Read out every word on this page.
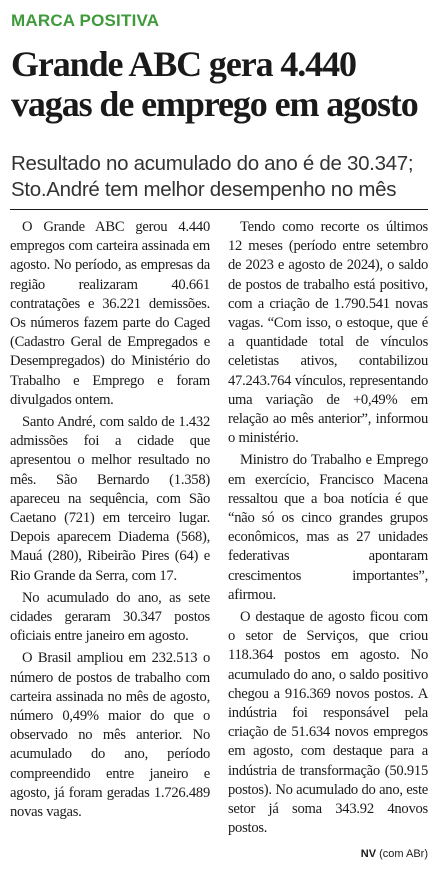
MARCA POSITIVA
Grande ABC gera 4.440 vagas de emprego em agosto
Resultado no acumulado do ano é de 30.347; Sto.André tem melhor desempenho no mês

O Grande ABC gerou 4.440 empregos com carteira assinada em agosto. No período, as empresas da região realizaram 40.661 contratações e 36.221 demissões. Os números fazem parte do Caged (Cadastro Geral de Empregados e Desempregados) do Ministério do Trabalho e Emprego e foram divulgados ontem.

Santo André, com saldo de 1.432 admissões foi a cidade que apresentou o melhor resultado no mês. São Bernardo (1.358) apareceu na sequência, com São Caetano (721) em terceiro lugar. Depois aparecem Diadema (568), Mauá (280), Ribeirão Pires (64) e Rio Grande da Serra, com 17.

No acumulado do ano, as sete cidades geraram 30.347 postos oficiais entre janeiro em agosto.

O Brasil ampliou em 232.513 o número de postos de trabalho com carteira assinada no mês de agosto, número 0,49% maior do que o observado no mês anterior. No acumulado do ano, período compreendido entre janeiro e agosto, já foram geradas 1.726.489 novas vagas.

Tendo como recorte os últimos 12 meses (período entre setembro de 2023 e agosto de 2024), o saldo de postos de trabalho está positivo, com a criação de 1.790.541 novas vagas. “Com isso, o estoque, que é a quantidade total de vínculos celetistas ativos, contabilizou 47.243.764 vínculos, representando uma variação de +0,49% em relação ao mês anterior”, informou o ministério.

Ministro do Trabalho e Emprego em exercício, Francisco Macena ressaltou que a boa notícia é que “não só os cinco grandes grupos econômicos, mas as 27 unidades federativas apontaram crescimentos importantes”, afirmou.

O destaque de agosto ficou com o setor de Serviços, que criou 118.364 postos em agosto. No acumulado do ano, o saldo positivo chegou a 916.369 novos postos. A indústria foi responsável pela criação de 51.634 novos empregos em agosto, com destaque para a indústria de transformação (50.915 postos). No acumulado do ano, este setor já soma 343.92 4novos postos.

NV (com ABr)
